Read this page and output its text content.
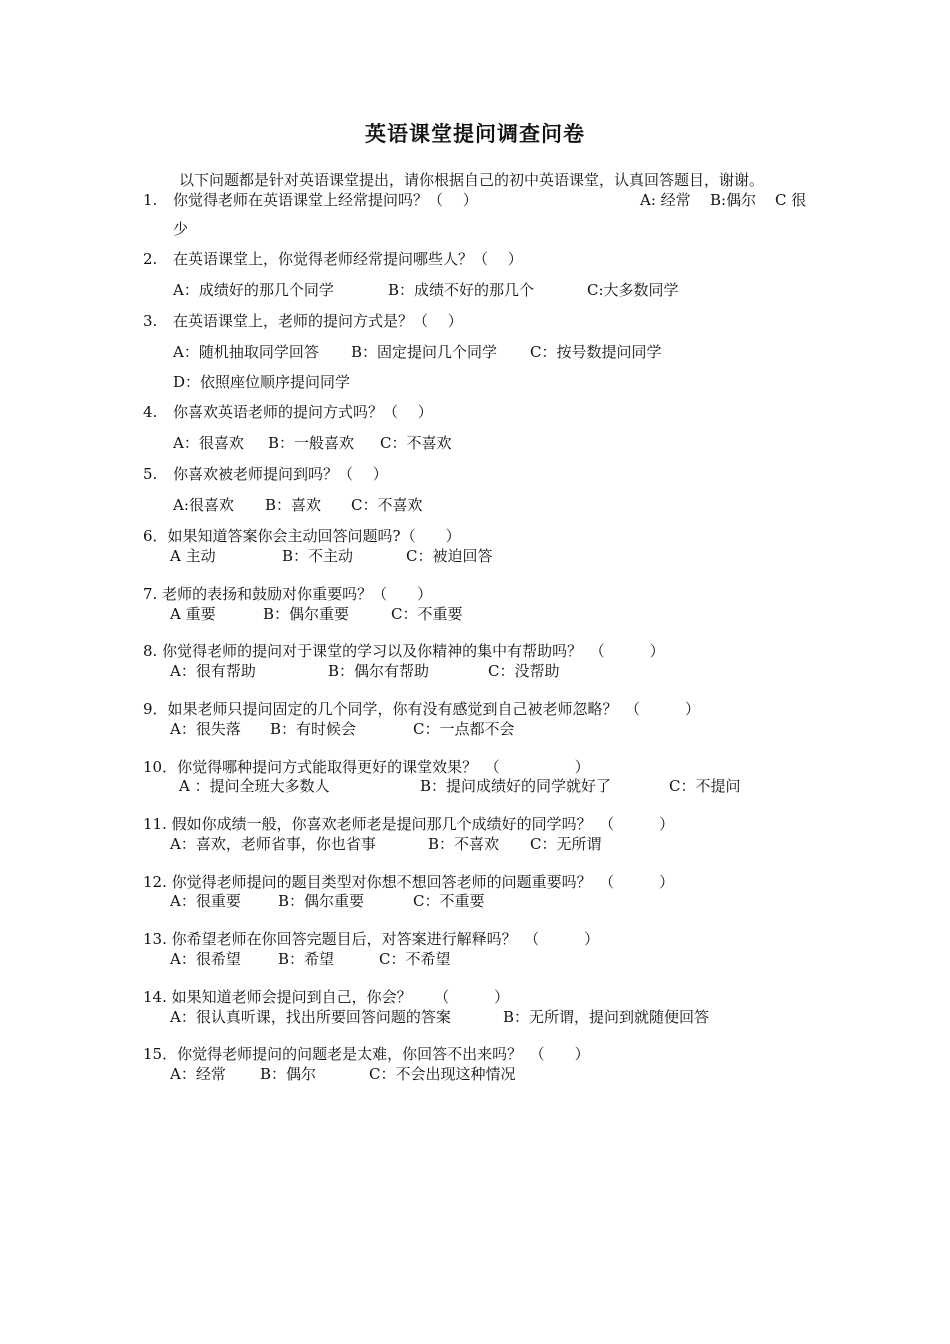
英语课堂提问调查问卷
以下问题都是针对英语课堂提出，请你根据自己的初中英语课堂，认真回答题目，谢谢。
1. 你觉得老师在英语课堂上经常提问吗？（　 ）	A: 经常 B:偶尔 C 很
少
2. 在英语课堂上，你觉得老师经常提问哪些人？（　 ）
A：成绩好的那几个同学	B：成绩不好的那几个	C:大多数同学
3. 在英语课堂上，老师的提问方式是？（　 ）
A：随机抽取同学回答 B：固定提问几个同学 C：按号数提问同学
D：依照座位顺序提问同学
4. 你喜欢英语老师的提问方式吗？（　 ）
A：很喜欢 B：一般喜欢 C：不喜欢
5. 你喜欢被老师提问到吗？（　 ）
A:很喜欢 B：喜欢 C：不喜欢
6．如果知道答案你会主动回答问题吗?（　　）
A 主动	B：不主动	C：被迫回答
7. 老师的表扬和鼓励对你重要吗？（　　）
A 重要	B：偶尔重要	C：不重要
8. 你觉得老师的提问对于课堂的学习以及你精神的集中有帮助吗？　（　　　）
A：很有帮助	B：偶尔有帮助	C：没帮助
9．如果老师只提问固定的几个同学，你有没有感觉到自己被老师忽略？　（　　　）
A：很失落 B：有时候会	C：一点都不会
10．你觉得哪种提问方式能取得更好的课堂效果？　（　　　　　）
A ：提问全班大多数人	B：提问成绩好的同学就好了	C：不提问
11. 假如你成绩一般，你喜欢老师老是提问那几个成绩好的同学吗？　（　　　）
A：喜欢，老师省事，你也省事	B：不喜欢 C：无所谓
12. 你觉得老师提问的题目类型对你想不想回答老师的问题重要吗？　（　　　）
A：很重要 B：偶尔重要	C：不重要
13. 你希望老师在你回答完题目后，对答案进行解释吗？　（　　　）
A：很希望 B：希望	C：不希望
14. 如果知道老师会提问到自己，你会？　　（　　　）
A：很认真听课，找出所要回答问题的答案	B：无所谓，提问到就随便回答
15．你觉得老师提问的问题老是太难，你回答不出来吗？　（　　）
A：经常 B：偶尔	C：不会出现这种情况
